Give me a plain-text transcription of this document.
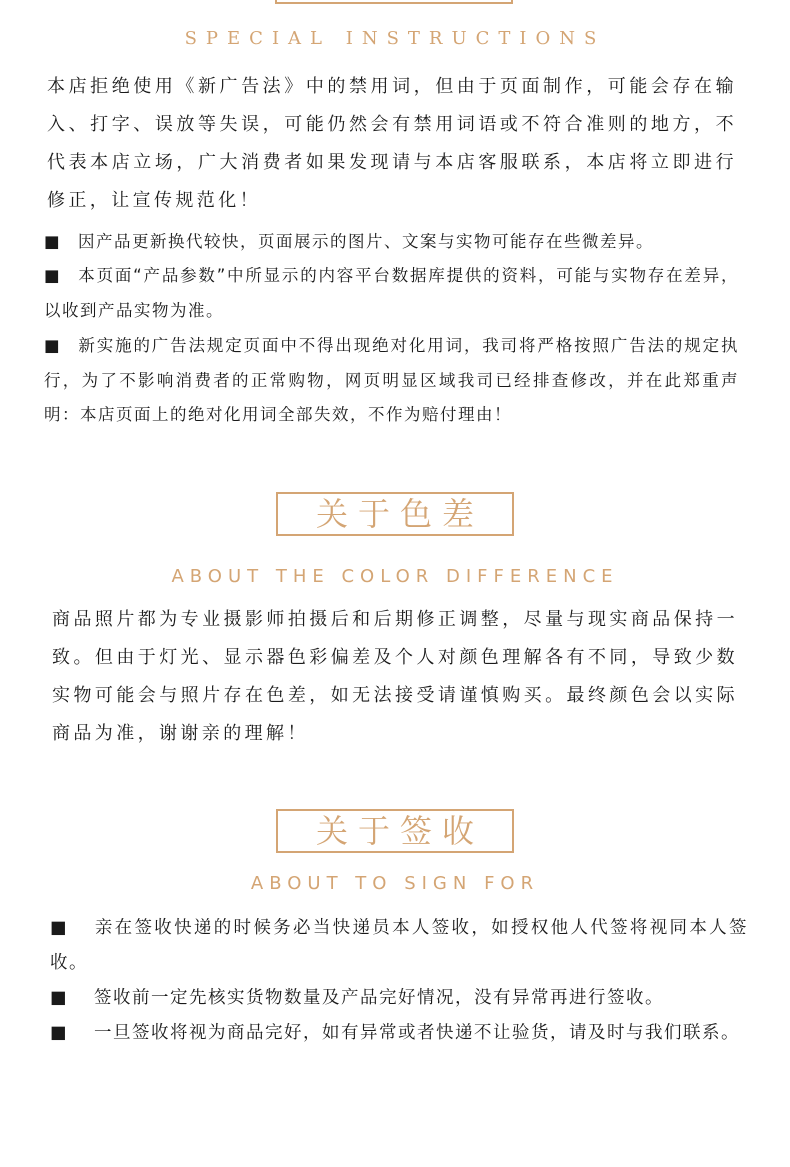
SPECIAL INSTRUCTIONS

本店拒绝使用《新广告法》中的禁用词，但由于页面制作，可能会存在输入、打字、误放等失误，可能仍然会有禁用词语或不符合准则的地方，不代表本店立场，广大消费者如果发现请与本店客服联系，本店将立即进行修正，让宣传规范化！

■ 因产品更新换代较快，页面展示的图片、文案与实物可能存在些微差异。

■ 本页面“产品参数”中所显示的内容平台数据库提供的资料，可能与实物存在差异，以收到产品实物为准。

■ 新实施的广告法规定页面中不得出现绝对化用词，我司将严格按照广告法的规定执行，为了不影响消费者的正常购物，网页明显区域我司已经排查修改，并在此郑重声明：本店页面上的绝对化用词全部失效，不作为赔付理由！

关于色差
ABOUT THE COLOR DIFFERENCE

商品照片都为专业摄影师拍摄后和后期修正调整，尽量与现实商品保持一致。但由于灯光、显示器色彩偏差及个人对颜色理解各有不同，导致少数实物可能会与照片存在色差，如无法接受请谨慎购买。最终颜色会以实际商品为准，谢谢亲的理解！

关于签收
ABOUT TO SIGN FOR

■ 亲在签收快递的时候务必当快递员本人签收，如授权他人代签将视同本人签收。

■ 签收前一定先核实货物数量及产品完好情况，没有异常再进行签收。

■ 一旦签收将视为商品完好，如有异常或者快递不让验货，请及时与我们联系。
